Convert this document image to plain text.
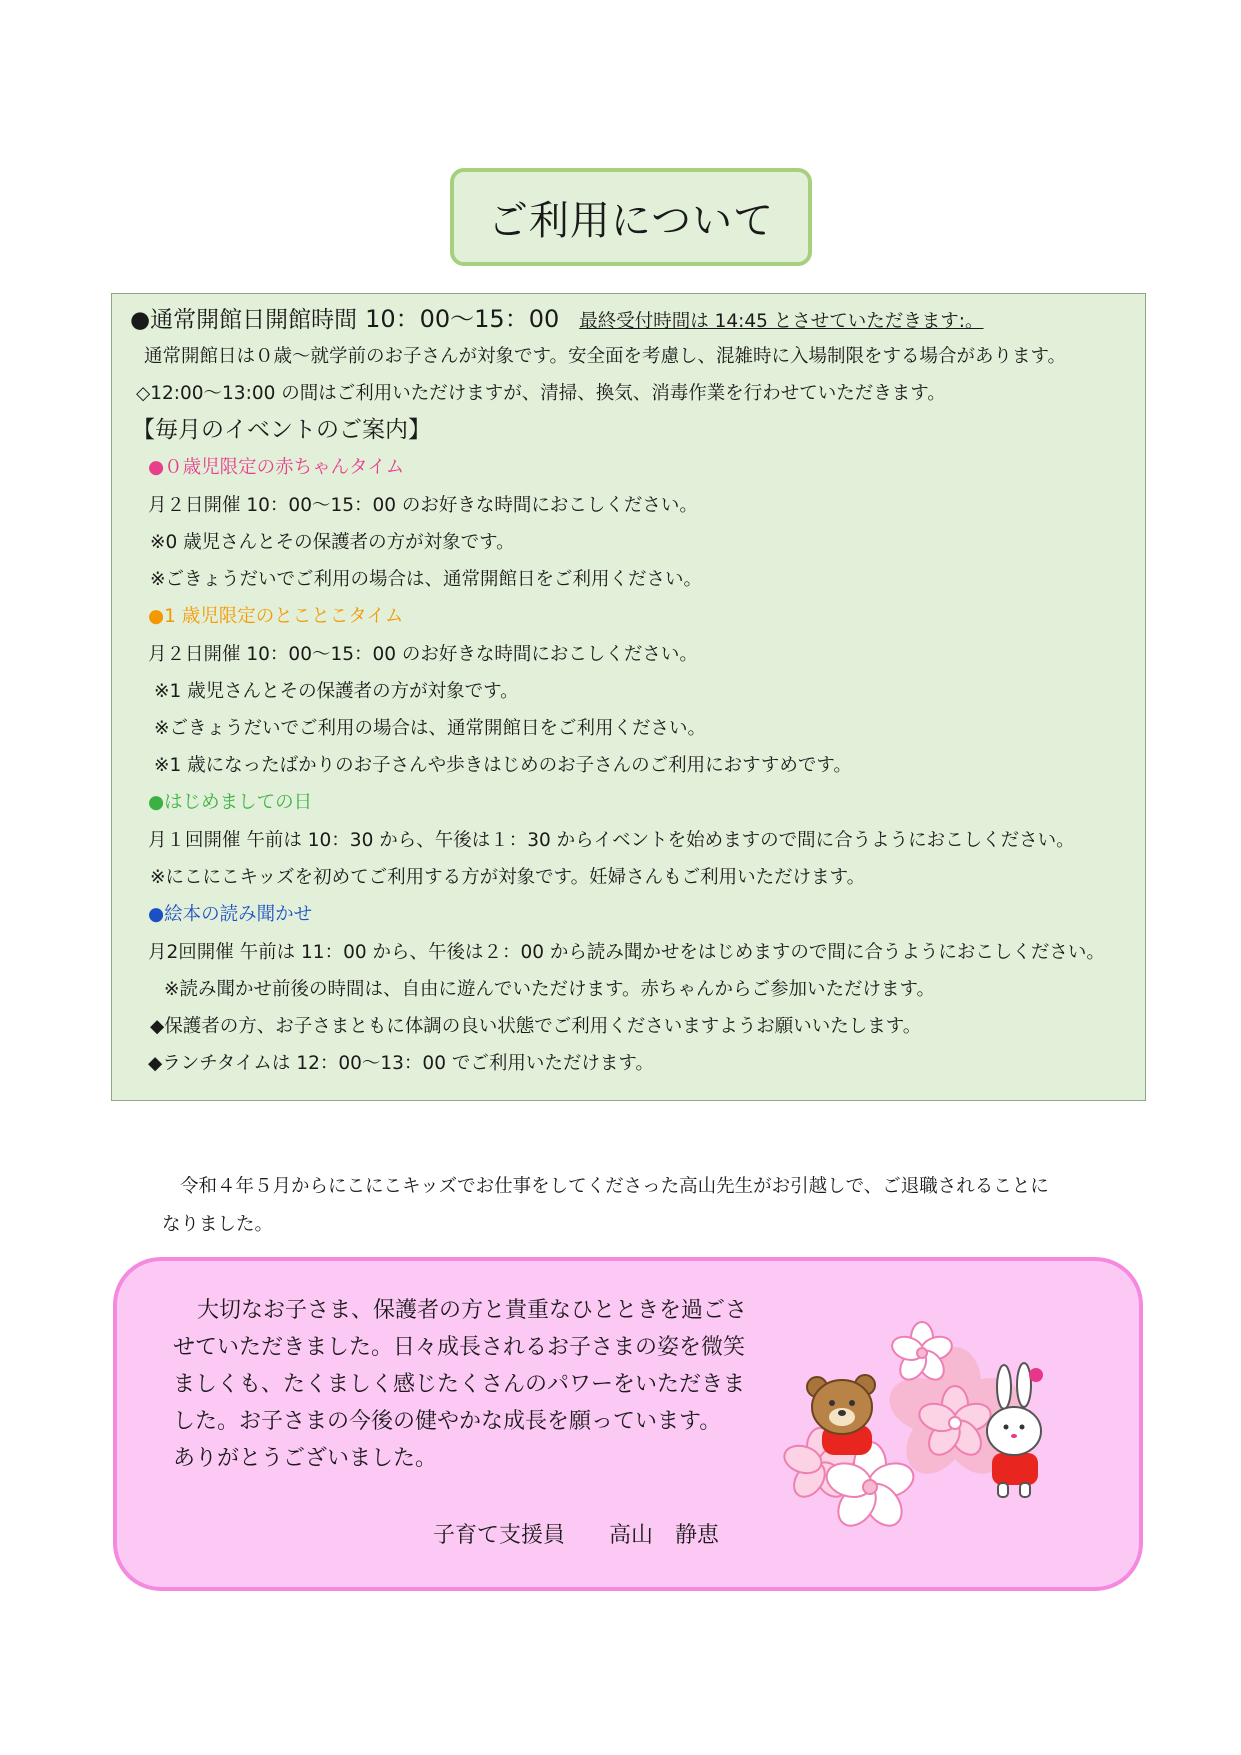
ご利用について
●通常開館日開館時間 10：00～15：00 最終受付時間は 14:45 とさせていただきます:。
通常開館日は０歳～就学前のお子さんが対象です。安全面を考慮し、混雑時に入場制限をする場合があります。
◇12:00～13:00 の間はご利用いただけますが、清掃、換気、消毒作業を行わせていただきます。
【毎月のイベントのご案内】
●０歳児限定の赤ちゃんタイム
月２日開催 10：00～15：00 のお好きな時間におこしください。
※0 歳児さんとその保護者の方が対象です。
※ごきょうだいでご利用の場合は、通常開館日をご利用ください。
●1 歳児限定のとことこタイム
月２日開催 10：00～15：00 のお好きな時間におこしください。
※1 歳児さんとその保護者の方が対象です。
※ごきょうだいでご利用の場合は、通常開館日をご利用ください。
※1 歳になったばかりのお子さんや歩きはじめのお子さんのご利用におすすめです。
●はじめましての日
月１回開催 午前は 10：30 から、午後は１：30 からイベントを始めますので間に合うようにおこしください。
※にこにこキッズを初めてご利用する方が対象です。妊婦さんもご利用いただけます。
●絵本の読み聞かせ
月2回開催 午前は 11：00 から、午後は２：00 から読み聞かせをはじめますので間に合うようにおこしください。
※読み聞かせ前後の時間は、自由に遊んでいただけます。赤ちゃんからご参加いただけます。
◆保護者の方、お子さまともに体調の良い状態でご利用くださいますようお願いいたします。
◆ランチタイムは 12：00～13：00 でご利用いただけます。
令和４年５月からにこにこキッズでお仕事をしてくださった高山先生がお引越しで、ご退職されることに
なりました。
大切なお子さま、保護者の方と貴重なひとときを過ごさ
せていただきました。日々成長されるお子さまの姿を微笑
ましくも、たくましく感じたくさんのパワーをいただきま
した。お子さまの今後の健やかな成長を願っています。
ありがとうございました。
子育て支援員　　高山　静恵
